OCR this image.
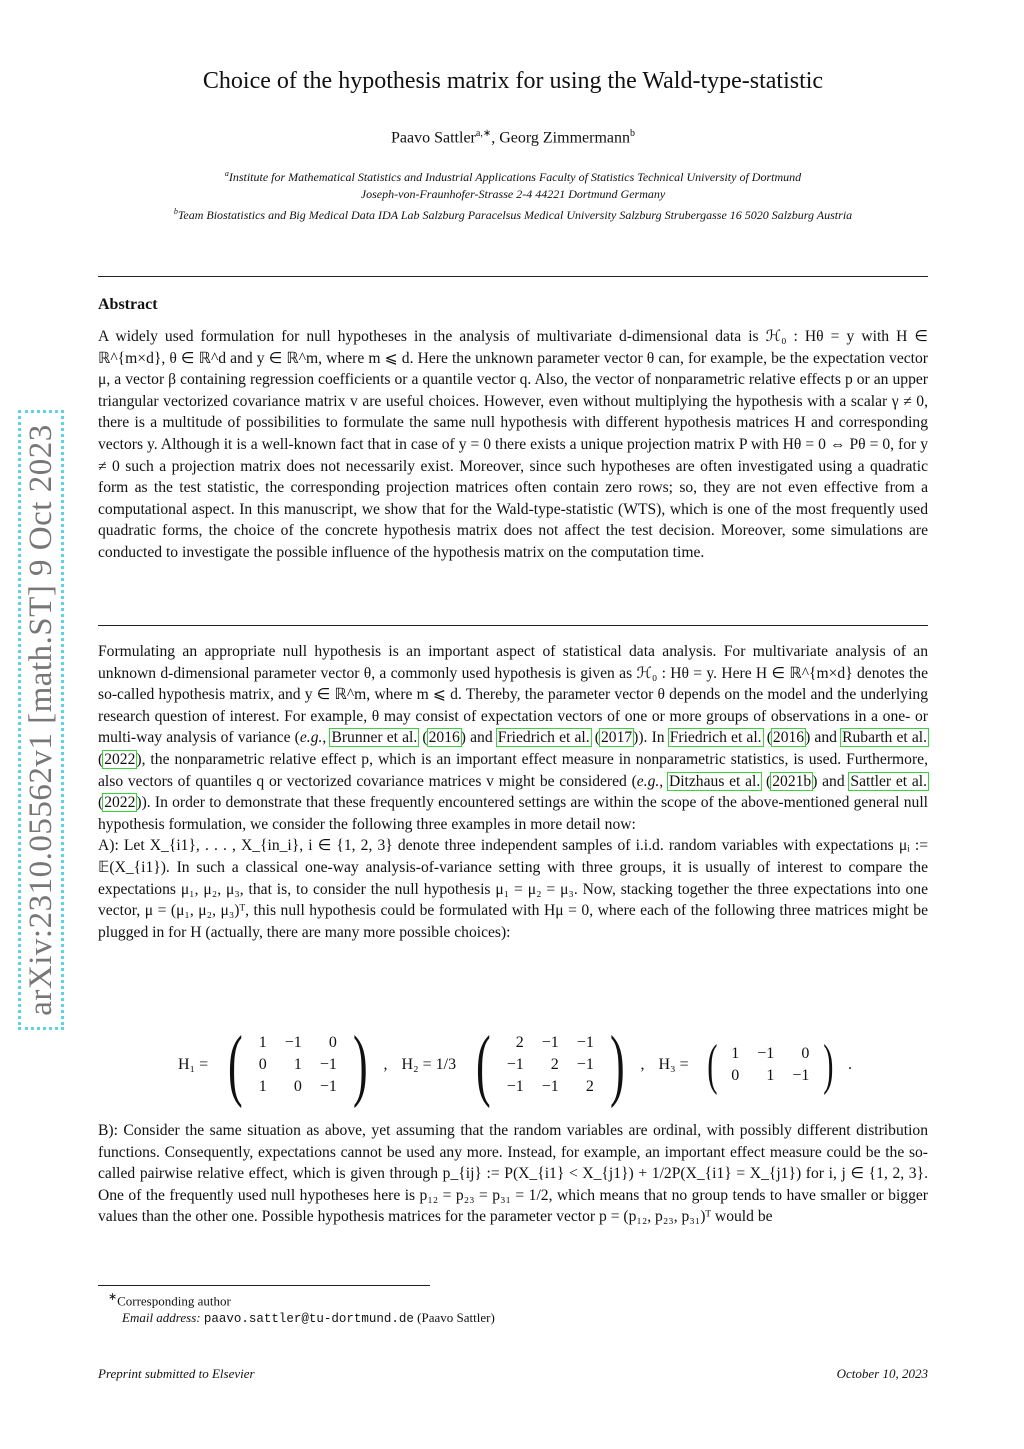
arXiv:2310.05562v1 [math.ST] 9 Oct 2023
Choice of the hypothesis matrix for using the Wald-type-statistic
Paavo Sattler$^{a,∗}$, Georg Zimmermann$^b$
$^a$Institute for Mathematical Statistics and Industrial Applications Faculty of Statistics Technical University of Dortmund
Joseph-von-Fraunhofer-Strasse 2-4 44221 Dortmund Germany
$^b$Team Biostatistics and Big Medical Data IDA Lab Salzburg Paracelsus Medical University Salzburg Strubergasse 16 5020 Salzburg Austria
Abstract

A widely used formulation for null hypotheses in the analysis of multivariate d-dimensional data is ℋ₀ : Hθ = y with H ∈ ℝ^{m×d}, θ ∈ ℝ^d and y ∈ ℝ^m, where m ⩽ d. Here the unknown parameter vector θ can, for example, be the expectation vector μ, a vector β containing regression coefficients or a quantile vector q. Also, the vector of nonparametric relative effects p or an upper triangular vectorized covariance matrix v are useful choices. However, even without multiplying the hypothesis with a scalar γ ≠ 0, there is a multitude of possibilities to formulate the same null hypothesis with different hypothesis matrices H and corresponding vectors y. Although it is a well-known fact that in case of y = 0 there exists a unique projection matrix P with Hθ = 0 ⇔ Pθ = 0, for y ≠ 0 such a projection matrix does not necessarily exist. Moreover, since such hypotheses are often investigated using a quadratic form as the test statistic, the corresponding projection matrices often contain zero rows; so, they are not even effective from a computational aspect. In this manuscript, we show that for the Wald-type-statistic (WTS), which is one of the most frequently used quadratic forms, the choice of the concrete hypothesis matrix does not affect the test decision. Moreover, some simulations are conducted to investigate the possible influence of the hypothesis matrix on the computation time.

Formulating an appropriate null hypothesis is an important aspect of statistical data analysis. For multivariate analysis of an unknown d-dimensional parameter vector θ, a commonly used hypothesis is given as ℋ₀ : Hθ = y. Here H ∈ ℝ^{m×d} denotes the so-called hypothesis matrix, and y ∈ ℝ^m, where m ⩽ d. Thereby, the parameter vector θ depends on the model and the underlying research question of interest. For example, θ may consist of expectation vectors of one or more groups of observations in a one- or multi-way analysis of variance (e.g., Brunner et al. (2016) and Friedrich et al. (2017)). In Friedrich et al. (2016) and Rubarth et al. (2022), the nonparametric relative effect p, which is an important effect measure in nonparametric statistics, is used. Furthermore, also vectors of quantiles q or vectorized covariance matrices v might be considered (e.g., Ditzhaus et al. (2021b) and Sattler et al. (2022)). In order to demonstrate that these frequently encountered settings are within the scope of the above-mentioned general null hypothesis formulation, we consider the following three examples in more detail now:

A): Let X_{i1}, . . . , X_{in_i}, i ∈ {1, 2, 3} denote three independent samples of i.i.d. random variables with expectations μᵢ := 𝔼(X_{i1}). In such a classical one-way analysis-of-variance setting with three groups, it is usually of interest to compare the expectations μ₁, μ₂, μ₃, that is, to consider the null hypothesis μ₁ = μ₂ = μ₃. Now, stacking together the three expectations into one vector, μ = (μ₁, μ₂, μ₃)ᵀ, this null hypothesis could be formulated with Hμ = 0, where each of the following three matrices might be plugged in for H (actually, there are many more possible choices):

H₁ = ( 1 −1	0
0	1 −1
1	0 −1 ) , H₂ = 1/3 (	2 −1 −1
−1	2 −1
−1 −1	2 ) , H₃ = ( 1 −1	0
0	1 −1 ) .

B): Consider the same situation as above, yet assuming that the random variables are ordinal, with possibly different distribution functions. Consequently, expectations cannot be used any more. Instead, for example, an important effect measure could be the so-called pairwise relative effect, which is given through p_{ij} := P(X_{i1} < X_{j1}) + 1/2P(X_{i1} = X_{j1}) for i, j ∈ {1, 2, 3}. One of the frequently used null hypotheses here is p₁₂ = p₂₃ = p₃₁ = 1/2, which means that no group tends to have smaller or bigger values than the other one. Possible hypothesis matrices for the parameter vector p = (p₁₂, p₂₃, p₃₁)ᵀ would be

∗Corresponding author
Email address: paavo.sattler@tu-dortmund.de (Paavo Sattler)
Preprint submitted to Elsevier	October 10, 2023
